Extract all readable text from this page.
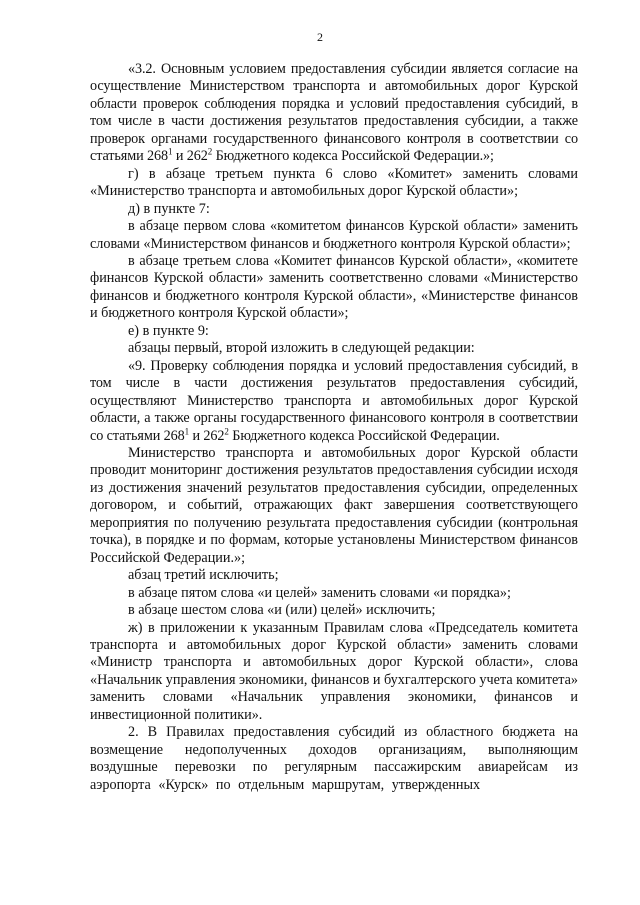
2

«3.2. Основным условием предоставления субсидии является согласие на осуществление Министерством транспорта и автомобильных дорог Курской области проверок соблюдения порядка и условий предоставления субсидий, в том числе в части достижения результатов предоставления субсидии, а также проверок органами государственного финансового контроля в соответствии со статьями $268^1$ и $262^2$ Бюджетного кодекса Российской Федерации.»;

г) в абзаце третьем пункта 6 слово «Комитет» заменить словами «Министерство транспорта и автомобильных дорог Курской области»;

д) в пункте 7:

в абзаце первом слова «комитетом финансов Курской области» заменить словами «Министерством финансов и бюджетного контроля Курской области»;

в абзаце третьем слова «Комитет финансов Курской области», «комитете финансов Курской области» заменить соответственно словами «Министерство финансов и бюджетного контроля Курской области», «Министерстве финансов и бюджетного контроля Курской области»;

е) в пункте 9:

абзацы первый, второй изложить в следующей редакции:

«9. Проверку соблюдения порядка и условий предоставления субсидий, в том числе в части достижения результатов предоставления субсидий, осуществляют Министерство транспорта и автомобильных дорог Курской области, а также органы государственного финансового контроля в соответствии со статьями $268^1$ и $262^2$ Бюджетного кодекса Российской Федерации.

Министерство транспорта и автомобильных дорог Курской области проводит мониторинг достижения результатов предоставления субсидии исходя из достижения значений результатов предоставления субсидии, определенных договором, и событий, отражающих факт завершения соответствующего мероприятия по получению результата предоставления субсидии (контрольная точка), в порядке и по формам, которые установлены Министерством финансов Российской Федерации.»;

абзац третий исключить;

в абзаце пятом слова «и целей» заменить словами «и порядка»;

в абзаце шестом слова «и (или) целей» исключить;

ж) в приложении к указанным Правилам слова «Председатель комитета транспорта и автомобильных дорог Курской области» заменить словами «Министр транспорта и автомобильных дорог Курской области», слова «Начальник управления экономики, финансов и бухгалтерского учета комитета» заменить словами «Начальник управления экономики, финансов и инвестиционной политики».

2. В Правилах предоставления субсидий из областного бюджета на возмещение недополученных доходов организациям, выполняющим воздушные перевозки по регулярным пассажирским авиарейсам из аэропорта «Курск» по отдельным маршрутам, утвержденных
